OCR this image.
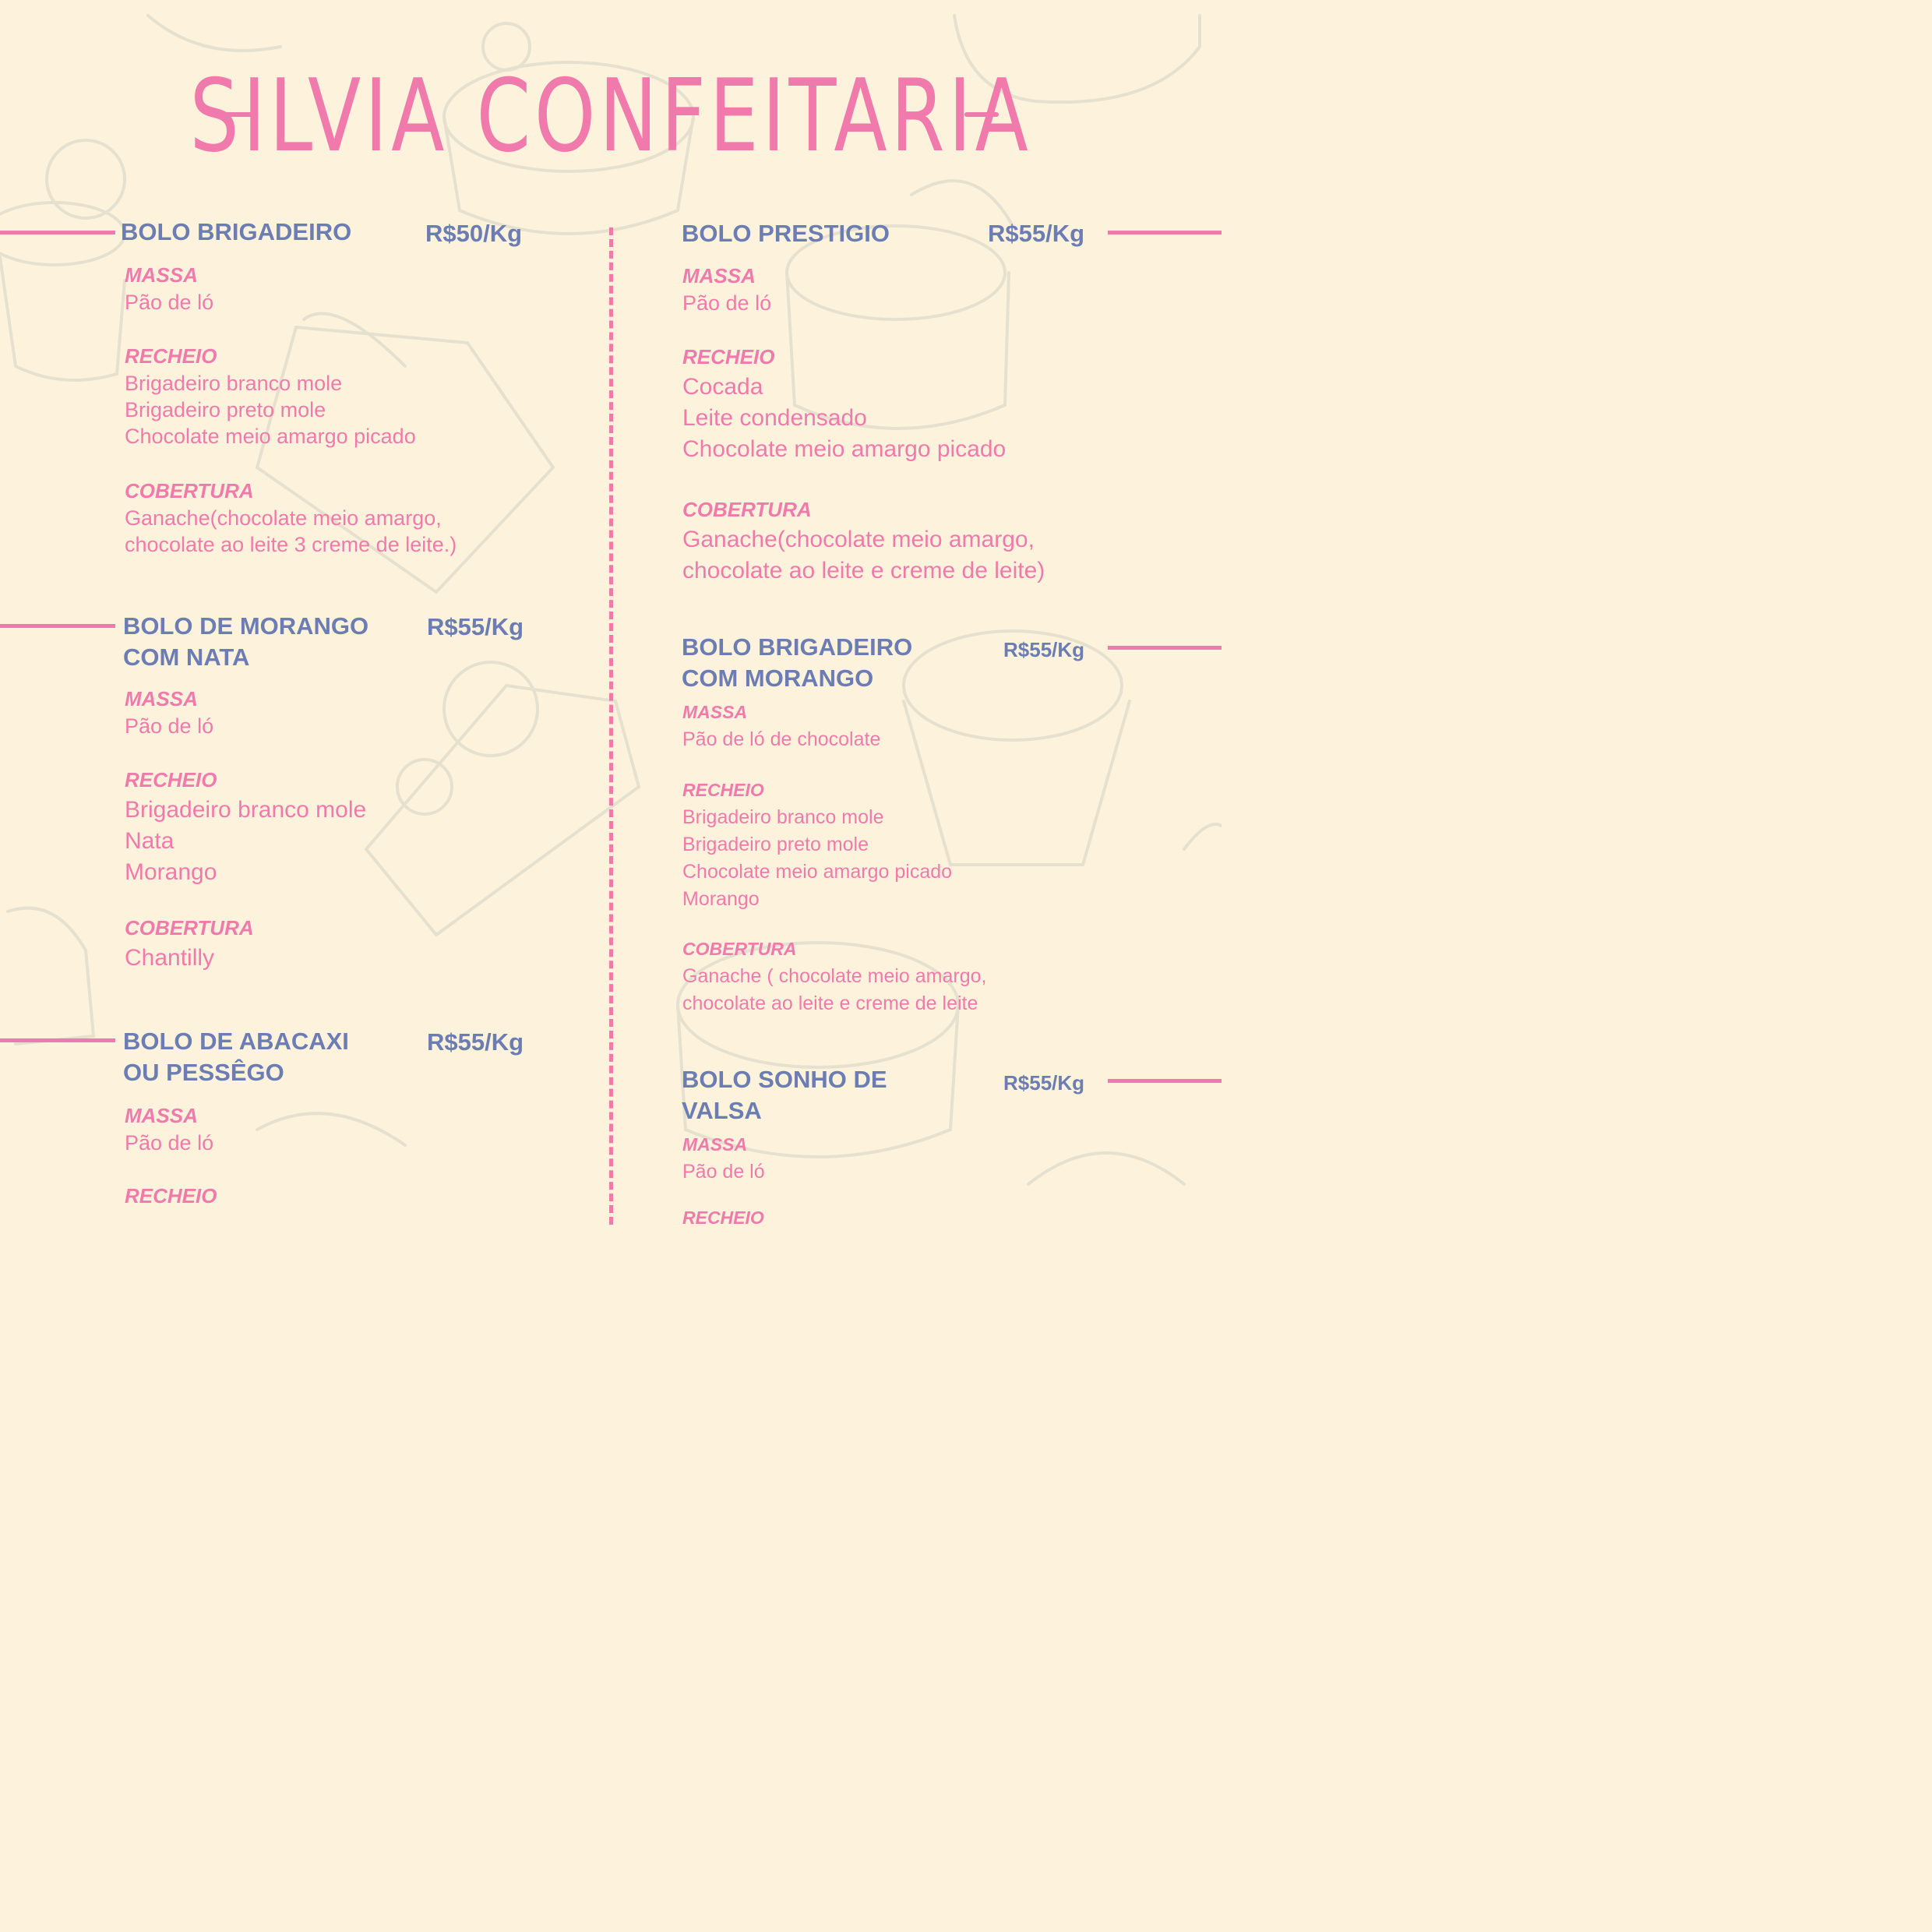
SILVIA CONFEITARIA
BOLO BRIGADEIRO	R$50/Kg
MASSA
Pão de ló
RECHEIO
Brigadeiro branco mole
Brigadeiro preto mole
Chocolate meio amargo picado
COBERTURA
Ganache(chocolate meio amargo,
chocolate ao leite 3 creme de leite.)
BOLO DE MORANGO
COM NATA
R$55/Kg
MASSA
Pão de ló
RECHEIO
Brigadeiro branco mole
Nata
Morango
COBERTURA
Chantilly
BOLO DE ABACAXI
OU PESSÊGO
R$55/Kg
MASSA
Pão de ló
RECHEIO
BOLO PRESTIGIO	R$55/Kg
MASSA
Pão de ló
RECHEIO
Cocada
Leite condensado
Chocolate meio amargo picado
COBERTURA
Ganache(chocolate meio amargo,
chocolate ao leite e creme de leite)
BOLO BRIGADEIRO
COM MORANGO
R$55/Kg
MASSA
Pão de ló de chocolate
RECHEIO
Brigadeiro branco mole
Brigadeiro preto mole
Chocolate meio amargo picado
Morango
COBERTURA
Ganache ( chocolate meio amargo,
chocolate ao leite e creme de leite
BOLO SONHO DE
VALSA
R$55/Kg
MASSA
Pão de ló
RECHEIO
